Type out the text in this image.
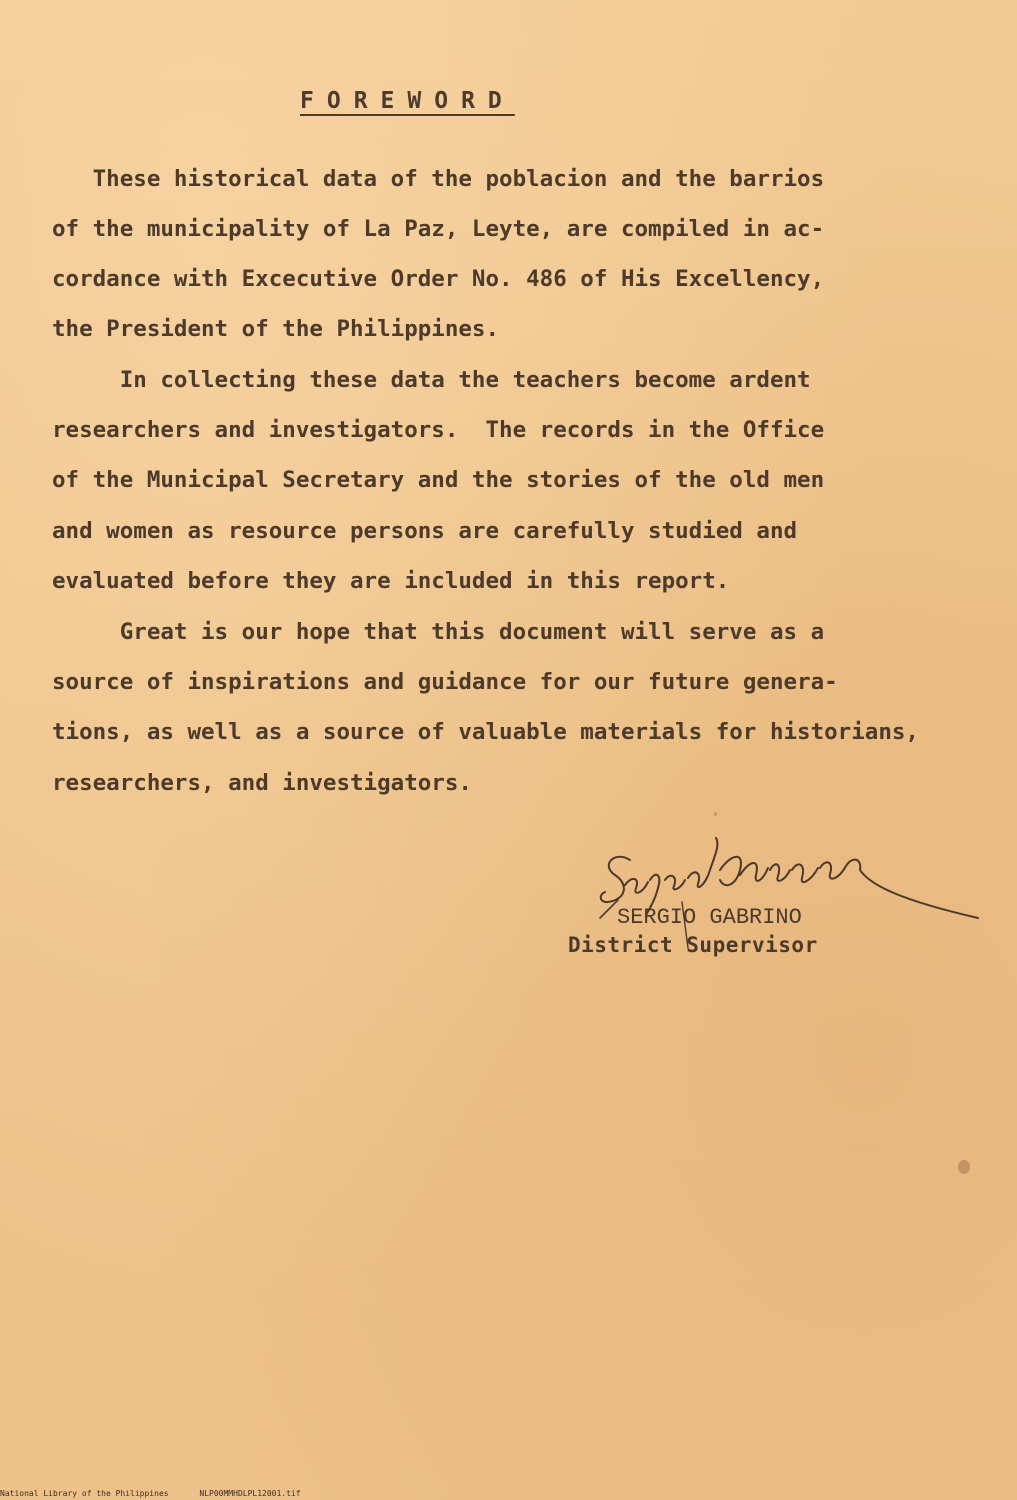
FOREWORD
These historical data of the poblacion and the barrios
of the municipality of La Paz, Leyte, are compiled in ac-
cordance with Excecutive Order No. 486 of His Excellency,
the President of the Philippines.
In collecting these data the teachers become ardent
researchers and investigators.  The records in the Office
of the Municipal Secretary and the stories of the old men
and women as resource persons are carefully studied and
evaluated before they are included in this report.
Great is our hope that this document will serve as a
source of inspirations and guidance for our future genera-
tions, as well as a source of valuable materials for historians,
researchers, and investigators.
SERGIO GABRINO
District Supervisor
National Library of the Philippines	NLP00MMHDLPL12001.tif
